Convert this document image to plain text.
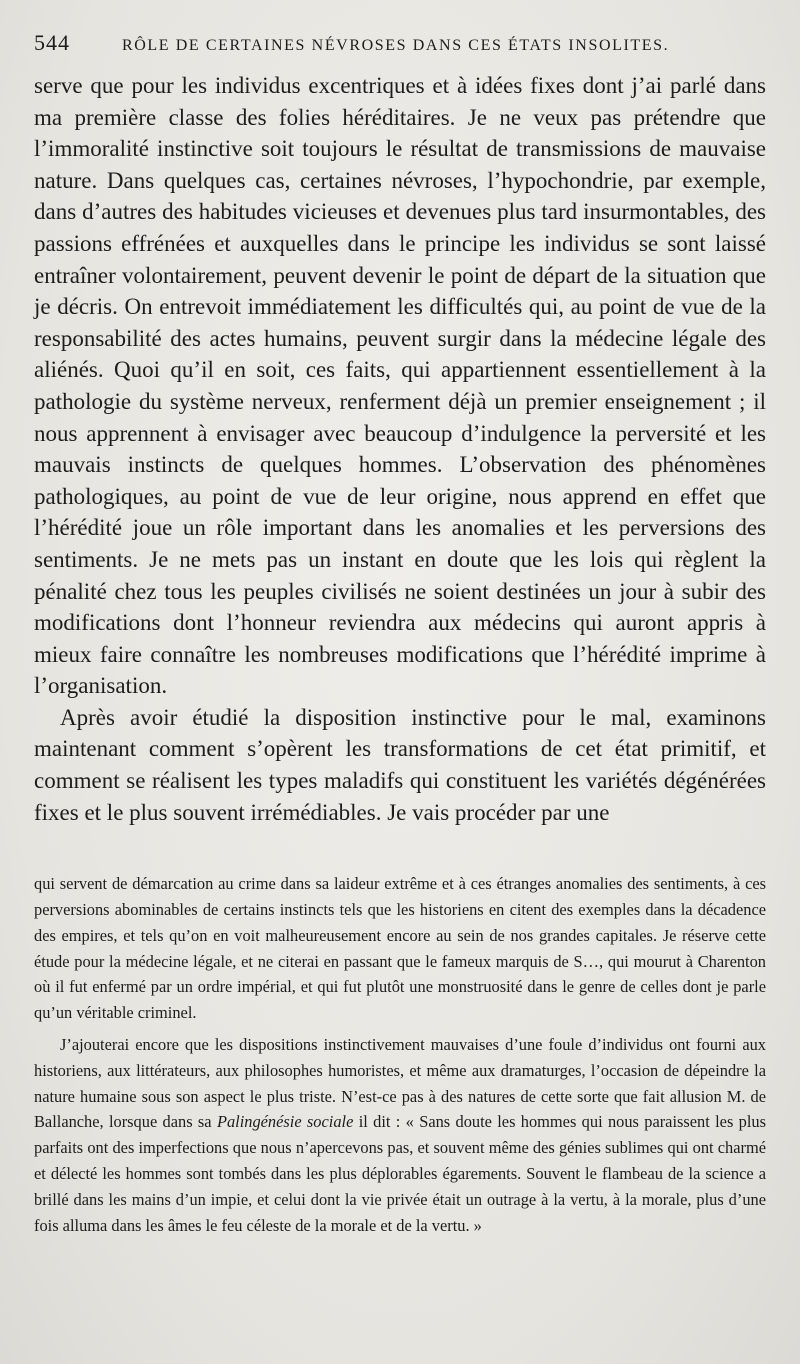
544	RÔLE DE CERTAINES NÉVROSES DANS CES ÉTATS INSOLITES.

serve que pour les individus excentriques et à idées fixes dont j’ai parlé dans ma première classe des folies héréditaires. Je ne veux pas prétendre que l’immoralité instinctive soit toujours le résultat de transmissions de mauvaise nature. Dans quelques cas, certaines névroses, l’hypochondrie, par exemple, dans d’autres des habitudes vicieuses et devenues plus tard insurmontables, des passions effrénées et auxquelles dans le principe les individus se sont laissé entraîner volontairement, peuvent devenir le point de départ de la situation que je décris. On entrevoit immédiatement les difficultés qui, au point de vue de la responsabilité des actes humains, peuvent surgir dans la médecine légale des aliénés. Quoi qu’il en soit, ces faits, qui appartiennent essentiellement à la pathologie du système nerveux, renferment déjà un premier enseignement ; il nous apprennent à envisager avec beaucoup d’indulgence la perversité et les mauvais instincts de quelques hommes. L’observation des phénomènes pathologiques, au point de vue de leur origine, nous apprend en effet que l’hérédité joue un rôle important dans les anomalies et les perversions des sentiments. Je ne mets pas un instant en doute que les lois qui règlent la pénalité chez tous les peuples civilisés ne soient destinées un jour à subir des modifications dont l’honneur reviendra aux médecins qui auront appris à mieux faire connaître les nombreuses modifications que l’hérédité imprime à l’organisation.

Après avoir étudié la disposition instinctive pour le mal, examinons maintenant comment s’opèrent les transformations de cet état primitif, et comment se réalisent les types maladifs qui constituent les variétés dégénérées fixes et le plus souvent irrémédiables. Je vais procéder par une

qui servent de démarcation au crime dans sa laideur extrême et à ces étranges anomalies des sentiments, à ces perversions abominables de certains instincts tels que les historiens en citent des exemples dans la décadence des empires, et tels qu’on en voit malheureusement encore au sein de nos grandes capitales. Je réserve cette étude pour la médecine légale, et ne citerai en passant que le fameux marquis de S…, qui mourut à Charenton où il fut enfermé par un ordre impérial, et qui fut plutôt une monstruosité dans le genre de celles dont je parle qu’un véritable criminel.

J’ajouterai encore que les dispositions instinctivement mauvaises d’une foule d’individus ont fourni aux historiens, aux littérateurs, aux philosophes humoristes, et même aux dramaturges, l’occasion de dépeindre la nature humaine sous son aspect le plus triste. N’est-ce pas à des natures de cette sorte que fait allusion M. de Ballanche, lorsque dans sa Palingénésie sociale il dit : « Sans doute les hommes qui nous paraissent les plus parfaits ont des imperfections que nous n’apercevons pas, et souvent même des génies sublimes qui ont charmé et délecté les hommes sont tombés dans les plus déplorables égarements. Souvent le flambeau de la science a brillé dans les mains d’un impie, et celui dont la vie privée était un outrage à la vertu, à la morale, plus d’une fois alluma dans les âmes le feu céleste de la morale et de la vertu. »
